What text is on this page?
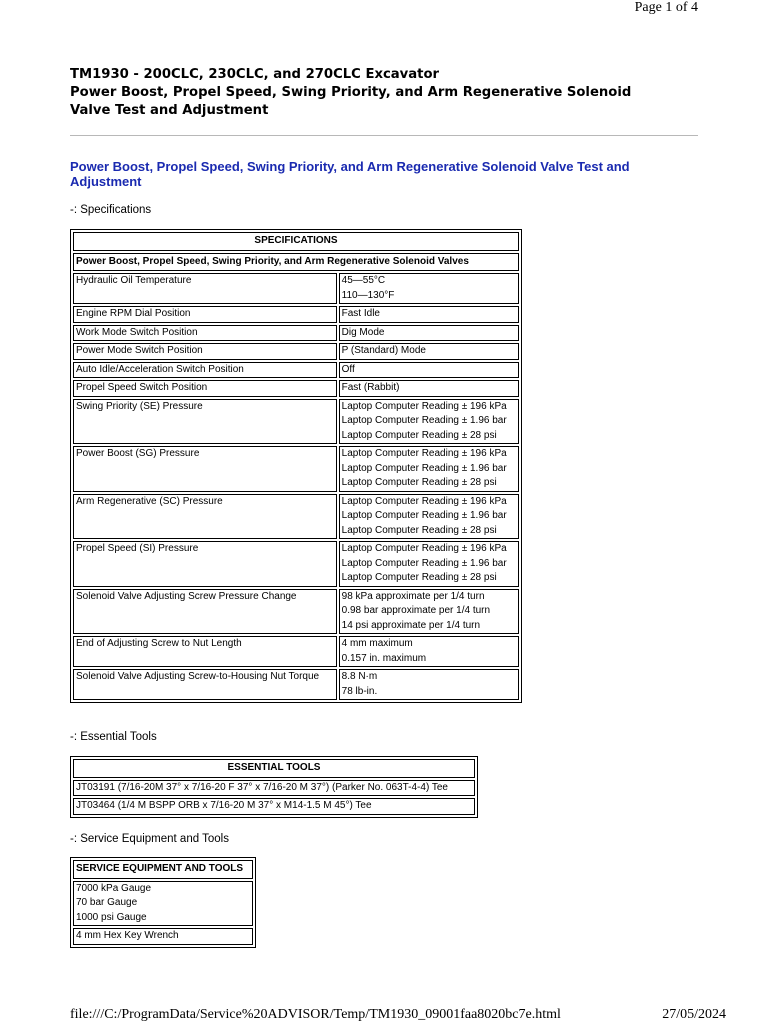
Page 1 of 4
TM1930 - 200CLC, 230CLC, and 270CLC Excavator
Power Boost, Propel Speed, Swing Priority, and Arm Regenerative Solenoid
Valve Test and Adjustment
Power Boost, Propel Speed, Swing Priority, and Arm Regenerative Solenoid Valve Test and
Adjustment
-: Specifications
SPECIFICATIONS	
Power Boost, Propel Speed, Swing Priority, and Arm Regenerative Solenoid Valves	
Hydraulic Oil Temperature	45—55°C
110—130°F

Engine RPM Dial Position	Fast Idle

Work Mode Switch Position	Dig Mode

Power Mode Switch Position	P (Standard) Mode

Auto Idle/Acceleration Switch Position	Off

Propel Speed Switch Position	Fast (Rabbit)

Swing Priority (SE) Pressure	Laptop Computer Reading ± 196 kPa
Laptop Computer Reading ± 1.96 bar
Laptop Computer Reading ± 28 psi

Power Boost (SG) Pressure	Laptop Computer Reading ± 196 kPa
Laptop Computer Reading ± 1.96 bar
Laptop Computer Reading ± 28 psi

Arm Regenerative (SC) Pressure	Laptop Computer Reading ± 196 kPa
Laptop Computer Reading ± 1.96 bar
Laptop Computer Reading ± 28 psi

Propel Speed (SI) Pressure	Laptop Computer Reading ± 196 kPa
Laptop Computer Reading ± 1.96 bar
Laptop Computer Reading ± 28 psi

Solenoid Valve Adjusting Screw Pressure Change	98 kPa approximate per 1/4 turn
0.98 bar approximate per 1/4 turn
14 psi approximate per 1/4 turn

End of Adjusting Screw to Nut Length	4 mm maximum
0.157 in. maximum

Solenoid Valve Adjusting Screw-to-Housing Nut Torque	8.8 N·m
78 lb-in.
-: Essential Tools
ESSENTIAL TOOLS
JT03191 (7/16-20M 37° x 7/16-20 F 37° x 7/16-20 M 37°) (Parker No. 063T-4-4) Tee
JT03464 (1/4 M BSPP ORB x 7/16-20 M 37° x M14-1.5 M 45°) Tee
-: Service Equipment and Tools
SERVICE EQUIPMENT AND TOOLS

7000 kPa Gauge
70 bar Gauge
1000 psi Gauge

4 mm Hex Key Wrench
file:///C:/ProgramData/Service%20ADVISOR/Temp/TM1930_09001faa8020bc7e.html	27/05/2024
